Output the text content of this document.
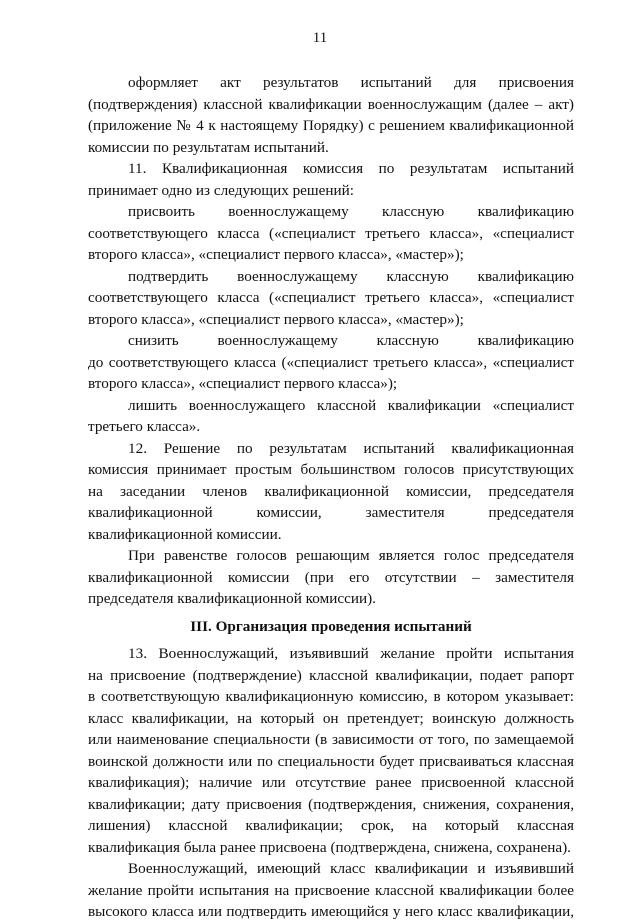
11
оформляет акт результатов испытаний для присвоения
(подтверждения) классной квалификации военнослужащим (далее – акт)
(приложение № 4 к настоящему Порядку) с решением квалификационной
комиссии по результатам испытаний.
11. Квалификационная комиссия по результатам испытаний
принимает одно из следующих решений:
присвоить военнослужащему классную квалификацию
соответствующего класса («специалист третьего класса», «специалист
второго класса», «специалист первого класса», «мастер»);
подтвердить военнослужащему классную квалификацию
соответствующего класса («специалист третьего класса», «специалист
второго класса», «специалист первого класса», «мастер»);
снизить военнослужащему классную квалификацию
до соответствующего класса («специалист третьего класса», «специалист
второго класса», «специалист первого класса»);
лишить военнослужащего классной квалификации «специалист
третьего класса».
12. Решение по результатам испытаний квалификационная
комиссия принимает простым большинством голосов присутствующих
на заседании членов квалификационной комиссии, председателя
квалификационной комиссии, заместителя председателя
квалификационной комиссии.
При равенстве голосов решающим является голос председателя
квалификационной комиссии (при его отсутствии – заместителя
председателя квалификационной комиссии).
III. Организация проведения испытаний
13. Военнослужащий, изъявивший желание пройти испытания
на присвоение (подтверждение) классной квалификации, подает рапорт
в соответствующую квалификационную комиссию, в котором указывает:
класс квалификации, на который он претендует; воинскую должность
или наименование специальности (в зависимости от того, по замещаемой
воинской должности или по специальности будет присваиваться классная
квалификация); наличие или отсутствие ранее присвоенной классной
квалификации; дату присвоения (подтверждения, снижения, сохранения,
лишения) классной квалификации; срок, на который классная
квалификация была ранее присвоена (подтверждена, снижена, сохранена).
Военнослужащий, имеющий класс квалификации и изъявивший
желание пройти испытания на присвоение классной квалификации более
высокого класса или подтвердить имеющийся у него класс квалификации,
